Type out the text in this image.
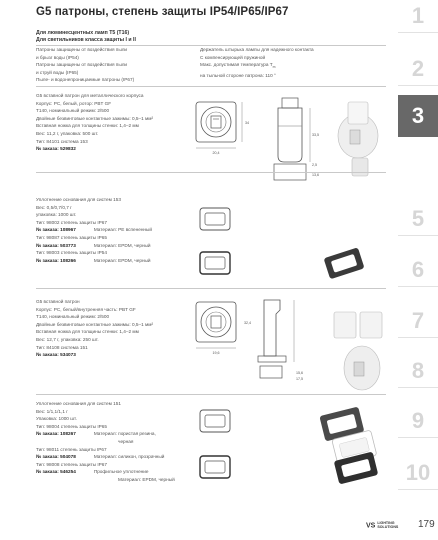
G5 патроны, степень защиты IP54/IP65/IP67
Для люминесцентных ламп T5 (T16)
Для светильников класса защиты I и II
Патроны защищены от воздействия пыли
и брызг воды (IP54)
Патроны защищены от воздействия пыли
и струй воды (IP65)
Пыле- и водонепроницаемые патроны (IP67)
Держатель штырька лампы для надежного контакта
С компенсирующей пружиной
Макс. допустимая температура $T_m$
на тыльной стороне патрона: 110 °
G5 вставной патрон для металлического корпуса
Корпус: PC, белый, ротор: PBT GF
T140, номинальный режим: 2/500
Двойные безвинтовые контактные зажимы: 0,5–1 мм²
Вставная ножка для толщины стенки: 1,4–2 мм
Вес: 11,2 г, упаковка: 500 шт.
Тип: 84101 система 153
№ заказа: 529832
20,4
34
33,5
2,5
13,6
Уплотнение основания для систем 153
Вес: 0,5/0,7/0,7 г
упаковка: 1000 шт.
Тип: 98002 степень защиты IP67
№ заказа: 108967	Материал: PE вспененный
Тип: 98087 степень защиты IP65
№ заказа: 503773	Материал: EPDM, черный
Тип: 98003 степень защиты IP54
№ заказа: 108266	Материал: EPDM, черный
G5 вставной патрон
Корпус: PC, белый/внутренняя часть: PBT GF
T140, номинальный режим: 2/500
Двойные безвинтовые контактные зажимы: 0,5–1 мм²
Вставная ножка для толщины стенки: 1,4–2 мм
Вес: 12,7 г, упаковка: 250 шт.
Тип: 84108 система 151
№ заказа: 534073	19,6
32,4
15,6
17,5
Уплотнение основания для систем 151
Вес: 1/1,1/1,1 г
Упаковка: 1000 шт.
Тип: 98004 степень защиты IP65
№ заказа: 108267	Материал: пористая резина,
черная
Тип: 98011 степень защиты IP67
№ заказа: 504078	Материал: силикон, прозрачный
Тип: 98008 степень защиты IP67
№ заказа: 546254	Профильное уплотнение
Материал: EPDM, черный
1
2
3
5
6
7
8
9
10
VS LIGHTING
SOLUTIONS 179
